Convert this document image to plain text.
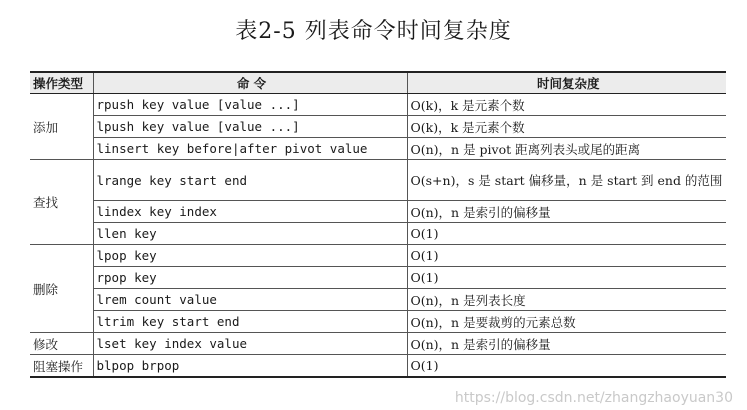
表2-5 列表命令时间复杂度
操作类型	命 令	时间复杂度
添加	rpush key value [value ...]	O(k)，k 是元素个数
	lpush key value [value ...]	O(k)，k 是元素个数
	linsert key before|after pivot value	O(n)，n 是 pivot 距离列表头或尾的距离
查找	lrange key start end	O(s+n)，s 是 start 偏移量，n 是 start 到 end 的范围
	lindex key index	O(n)，n 是索引的偏移量
	llen key	O(1)
删除	lpop key	O(1)
	rpop key	O(1)
	lrem count value	O(n)，n 是列表长度
	ltrim key start end	O(n)，n 是要裁剪的元素总数
修改	lset key index value	O(n)，n 是索引的偏移量
阻塞操作	blpop brpop	O(1)
https://blog.csdn.net/zhangzhaoyuan30
